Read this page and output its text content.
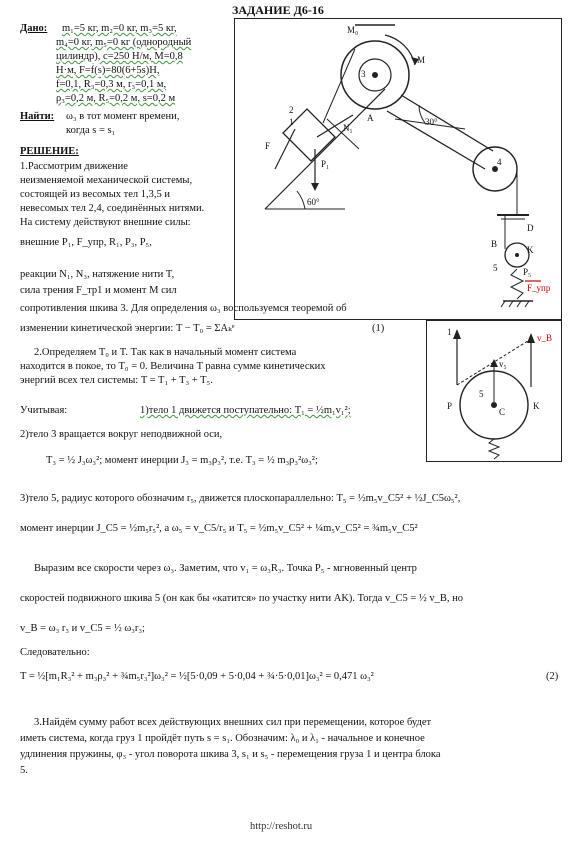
ЗАДАНИЕ Д6-16
Дано: m₁=5 кг, m₂=0 кг, m₃=5 кг,
m₄=0 кг, m₅=0 кг (однородный
цилиндр), c=250 Н/м, M=0,8
Н·м, F=f(s)=80(6+5s)Н,
f=0,1, R₃=0,3 м, r₃=0,1 м,
ρ₃=0,2 м, R₅=0,2 м, s=0,2 м
Найти: ω₃ в тот момент времени,
когда s = s₁
РЕШЕНИЕ:
1.Рассмотрим движение
неизменяемой механической системы,
состоящей из весомых тел 1,3,5 и
невесомых тел 2,4, соединённых нитями.
На систему действуют внешние силы:
внешние P₁, F_упр, R₁, P₃, P₅,
реакции N₁, N₃, натяжение нити T,
сила трения F_тр1 и момент M сил
сопротивления шкива 3. Для определения ω₃ воспользуемся теоремой об
изменении кинетической энергии: T − T₀ = ΣAₖᵉ	(1)
2.Определяем T₀ и T. Так как в начальный момент система
находится в покое, то T₀ = 0. Величина T равна сумме кинетических
энергий всех тел системы: T = T₁ + T₃ + T₅.
Учитывая:	1)тело 1 движется поступательно: T₁ = ½m₁v₁²;
2)тело 3 вращается вокруг неподвижной оси,
T₃ = ½ J₃ω₃²; момент инерции J₃ = m₃ρ₃², т.е. T₃ = ½ m₃ρ₃²ω₃²;
3)тело 5, радиус которого обозначим r₅, движется плоскопараллельно: T₅ = ½m₅v_C5² + ½J_C5ω₅²,
момент инерции J_C5 = ½m₅r₅², a ω₅ = v_C5/r₅ и T₅ = ½m₅v_C5² + ¼m₅v_C5² = ¾m₅v_C5²
Выразим все скорости через ω₃. Заметим, что v₁ = ω₃R₃. Точка P₅ - мгновенный центр
скоростей подвижного шкива 5 (он как бы «катится» по участку нити AK). Тогда v_C5 = ½ v_B, но
v_B = ω₃ r₃ и v_C5 = ½ ω₃r₃;
Следовательно:
T = ½[m₁R₃² + m₃ρ₃² + ¾m₅r₃²]ω₃² = ½[5·0,09 + 5·0,04 + ¾·5·0,01]ω₃² = 0,471 ω₃²	(2)
3.Найдём сумму работ всех действующих внешних сил при перемещении, которое будет
иметь система, когда груз 1 пройдёт путь s = s₁. Обозначим: λ₀ и λ₁ - начальное и конечное
удлинения пружины, φ₃ - угол поворота шкива 3, s₁ и s₅ - перемещения груза 1 и центра блока
5.
http://reshot.ru
M₀
3
M
A	30°
1
F
N₁
P₁
60°
4
2
B
P₅
5
K
F_упр
D
1
v_B
K
P
5
C
v₅
